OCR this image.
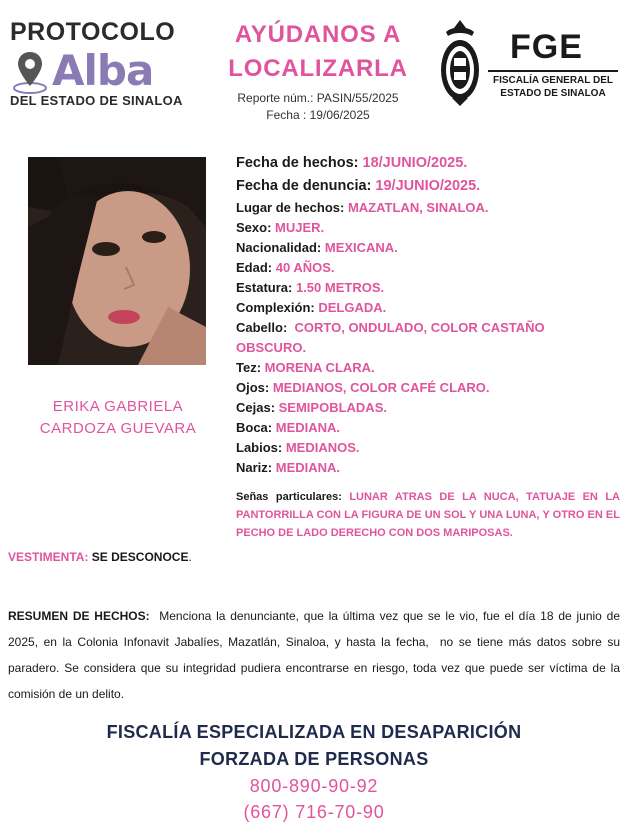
PROTOCOLO
Alba
DEL ESTADO DE SINALOA
AYÚDANOS A
LOCALIZARLA
Reporte núm.: PASIN/55/2025
Fecha : 19/06/2025
FGE
FISCALÍA GENERAL DEL
ESTADO DE SINALOA
ERIKA GABRIELA
CARDOZA GUEVARA
Fecha de hechos: 18/JUNIO/2025.
Fecha de denuncia: 19/JUNIO/2025.
Lugar de hechos: MAZATLAN, SINALOA.
Sexo: MUJER.
Nacionalidad: MEXICANA.
Edad: 40 AÑOS.
Estatura: 1.50 METROS.
Complexión: DELGADA.
Cabello:  CORTO, ONDULADO, COLOR CASTAÑO OBSCURO.
Tez: MORENA CLARA.
Ojos: MEDIANOS, COLOR CAFÉ CLARO.
Cejas: SEMIPOBLADAS.
Boca: MEDIANA.
Labios: MEDIANOS.
Nariz: MEDIANA.
Señas particulares: LUNAR ATRAS DE LA NUCA, TATUAJE EN LA PANTORRILLA CON LA FIGURA DE UN SOL Y UNA LUNA, Y OTRO EN EL PECHO DE LADO DERECHO CON DOS MARIPOSAS.
VESTIMENTA: SE DESCONOCE.
RESUMEN DE HECHOS:  Menciona la denunciante, que la última vez que se le vio, fue el día 18 de junio de 2025, en la Colonia Infonavit Jabalíes, Mazatlán, Sinaloa, y hasta la fecha,  no se tiene más datos sobre su paradero. Se considera que su integridad pudiera encontrarse en riesgo, toda vez que puede ser víctima de la comisión de un delito.
FISCALÍA ESPECIALIZADA EN DESAPARICIÓN
FORZADA DE PERSONAS
800-890-90-92
(667) 716-70-90
